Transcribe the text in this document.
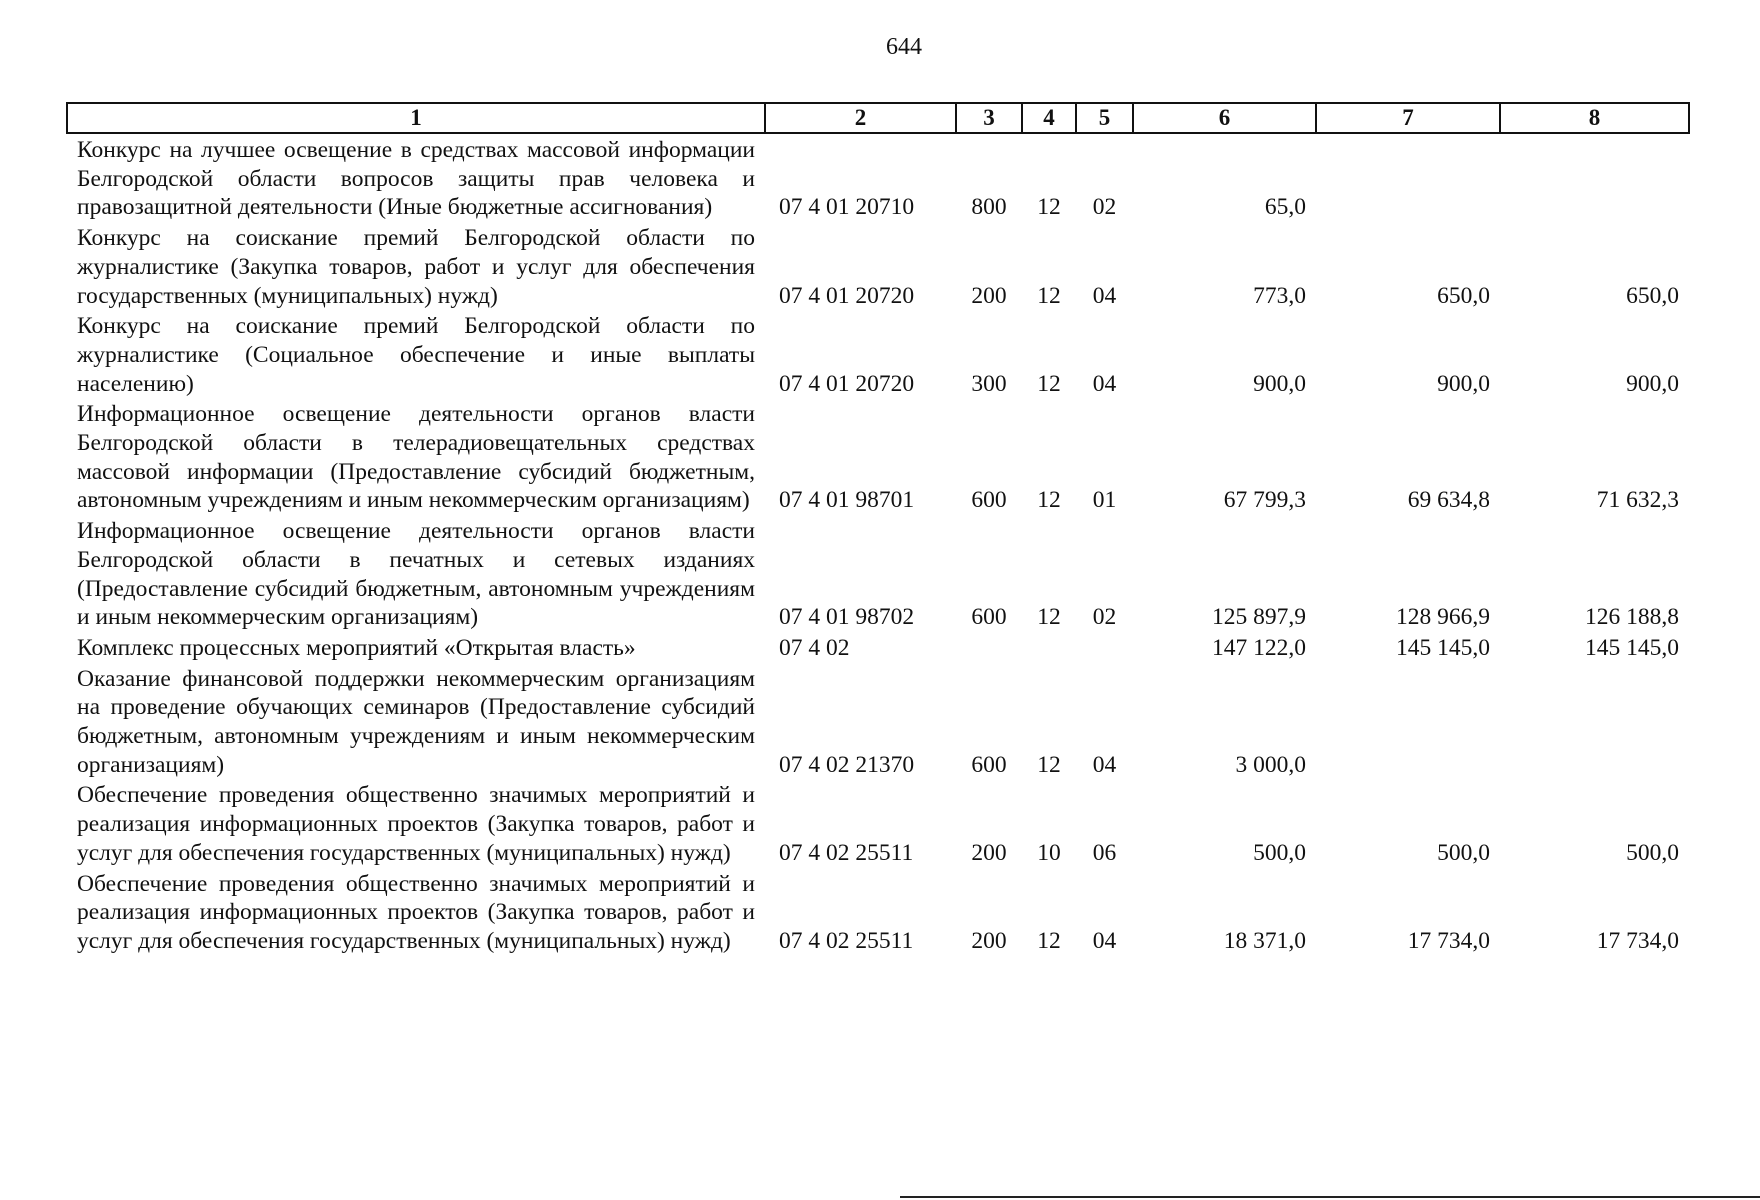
644
1	2	3	4	5	6	7	8
Конкурс на лучшее освещение в средствах массовой информации Белгородской области вопросов защиты прав человека и правозащитной деятельности (Иные бюджетные ассигнования)	07 4 01 20710	800	12	02	65,0		
Конкурс на соискание премий Белгородской области по журналистике (Закупка товаров, работ и услуг для обеспечения государственных (муниципальных) нужд)	07 4 01 20720	200	12	04	773,0	650,0	650,0
Конкурс на соискание премий Белгородской области по журналистике (Социальное обеспечение и иные выплаты населению)	07 4 01 20720	300	12	04	900,0	900,0	900,0
Информационное освещение деятельности органов власти Белгородской области в телерадиовещательных средствах массовой информации (Предоставление субсидий бюджетным, автономным учреждениям и иным некоммерческим организациям)	07 4 01 98701	600	12	01	67 799,3	69 634,8	71 632,3
Информационное освещение деятельности органов власти Белгородской области в печатных и сетевых изданиях (Предоставление субсидий бюджетным, автономным учреждениям и иным некоммерческим организациям)	07 4 01 98702	600	12	02	125 897,9	128 966,9	126 188,8
Комплекс процессных мероприятий «Открытая власть»	07 4 02				147 122,0	145 145,0	145 145,0
Оказание финансовой поддержки некоммерческим организациям на проведение обучающих семинаров (Предоставление субсидий бюджетным, автономным учреждениям и иным некоммерческим организациям)	07 4 02 21370	600	12	04	3 000,0		
Обеспечение проведения общественно значимых мероприятий и реализация информационных проектов (Закупка товаров, работ и услуг для обеспечения государственных (муниципальных) нужд)	07 4 02 25511	200	10	06	500,0	500,0	500,0
Обеспечение проведения общественно значимых мероприятий и реализация информационных проектов (Закупка товаров, работ и услуг для обеспечения государственных (муниципальных) нужд)	07 4 02 25511	200	12	04	18 371,0	17 734,0	17 734,0
